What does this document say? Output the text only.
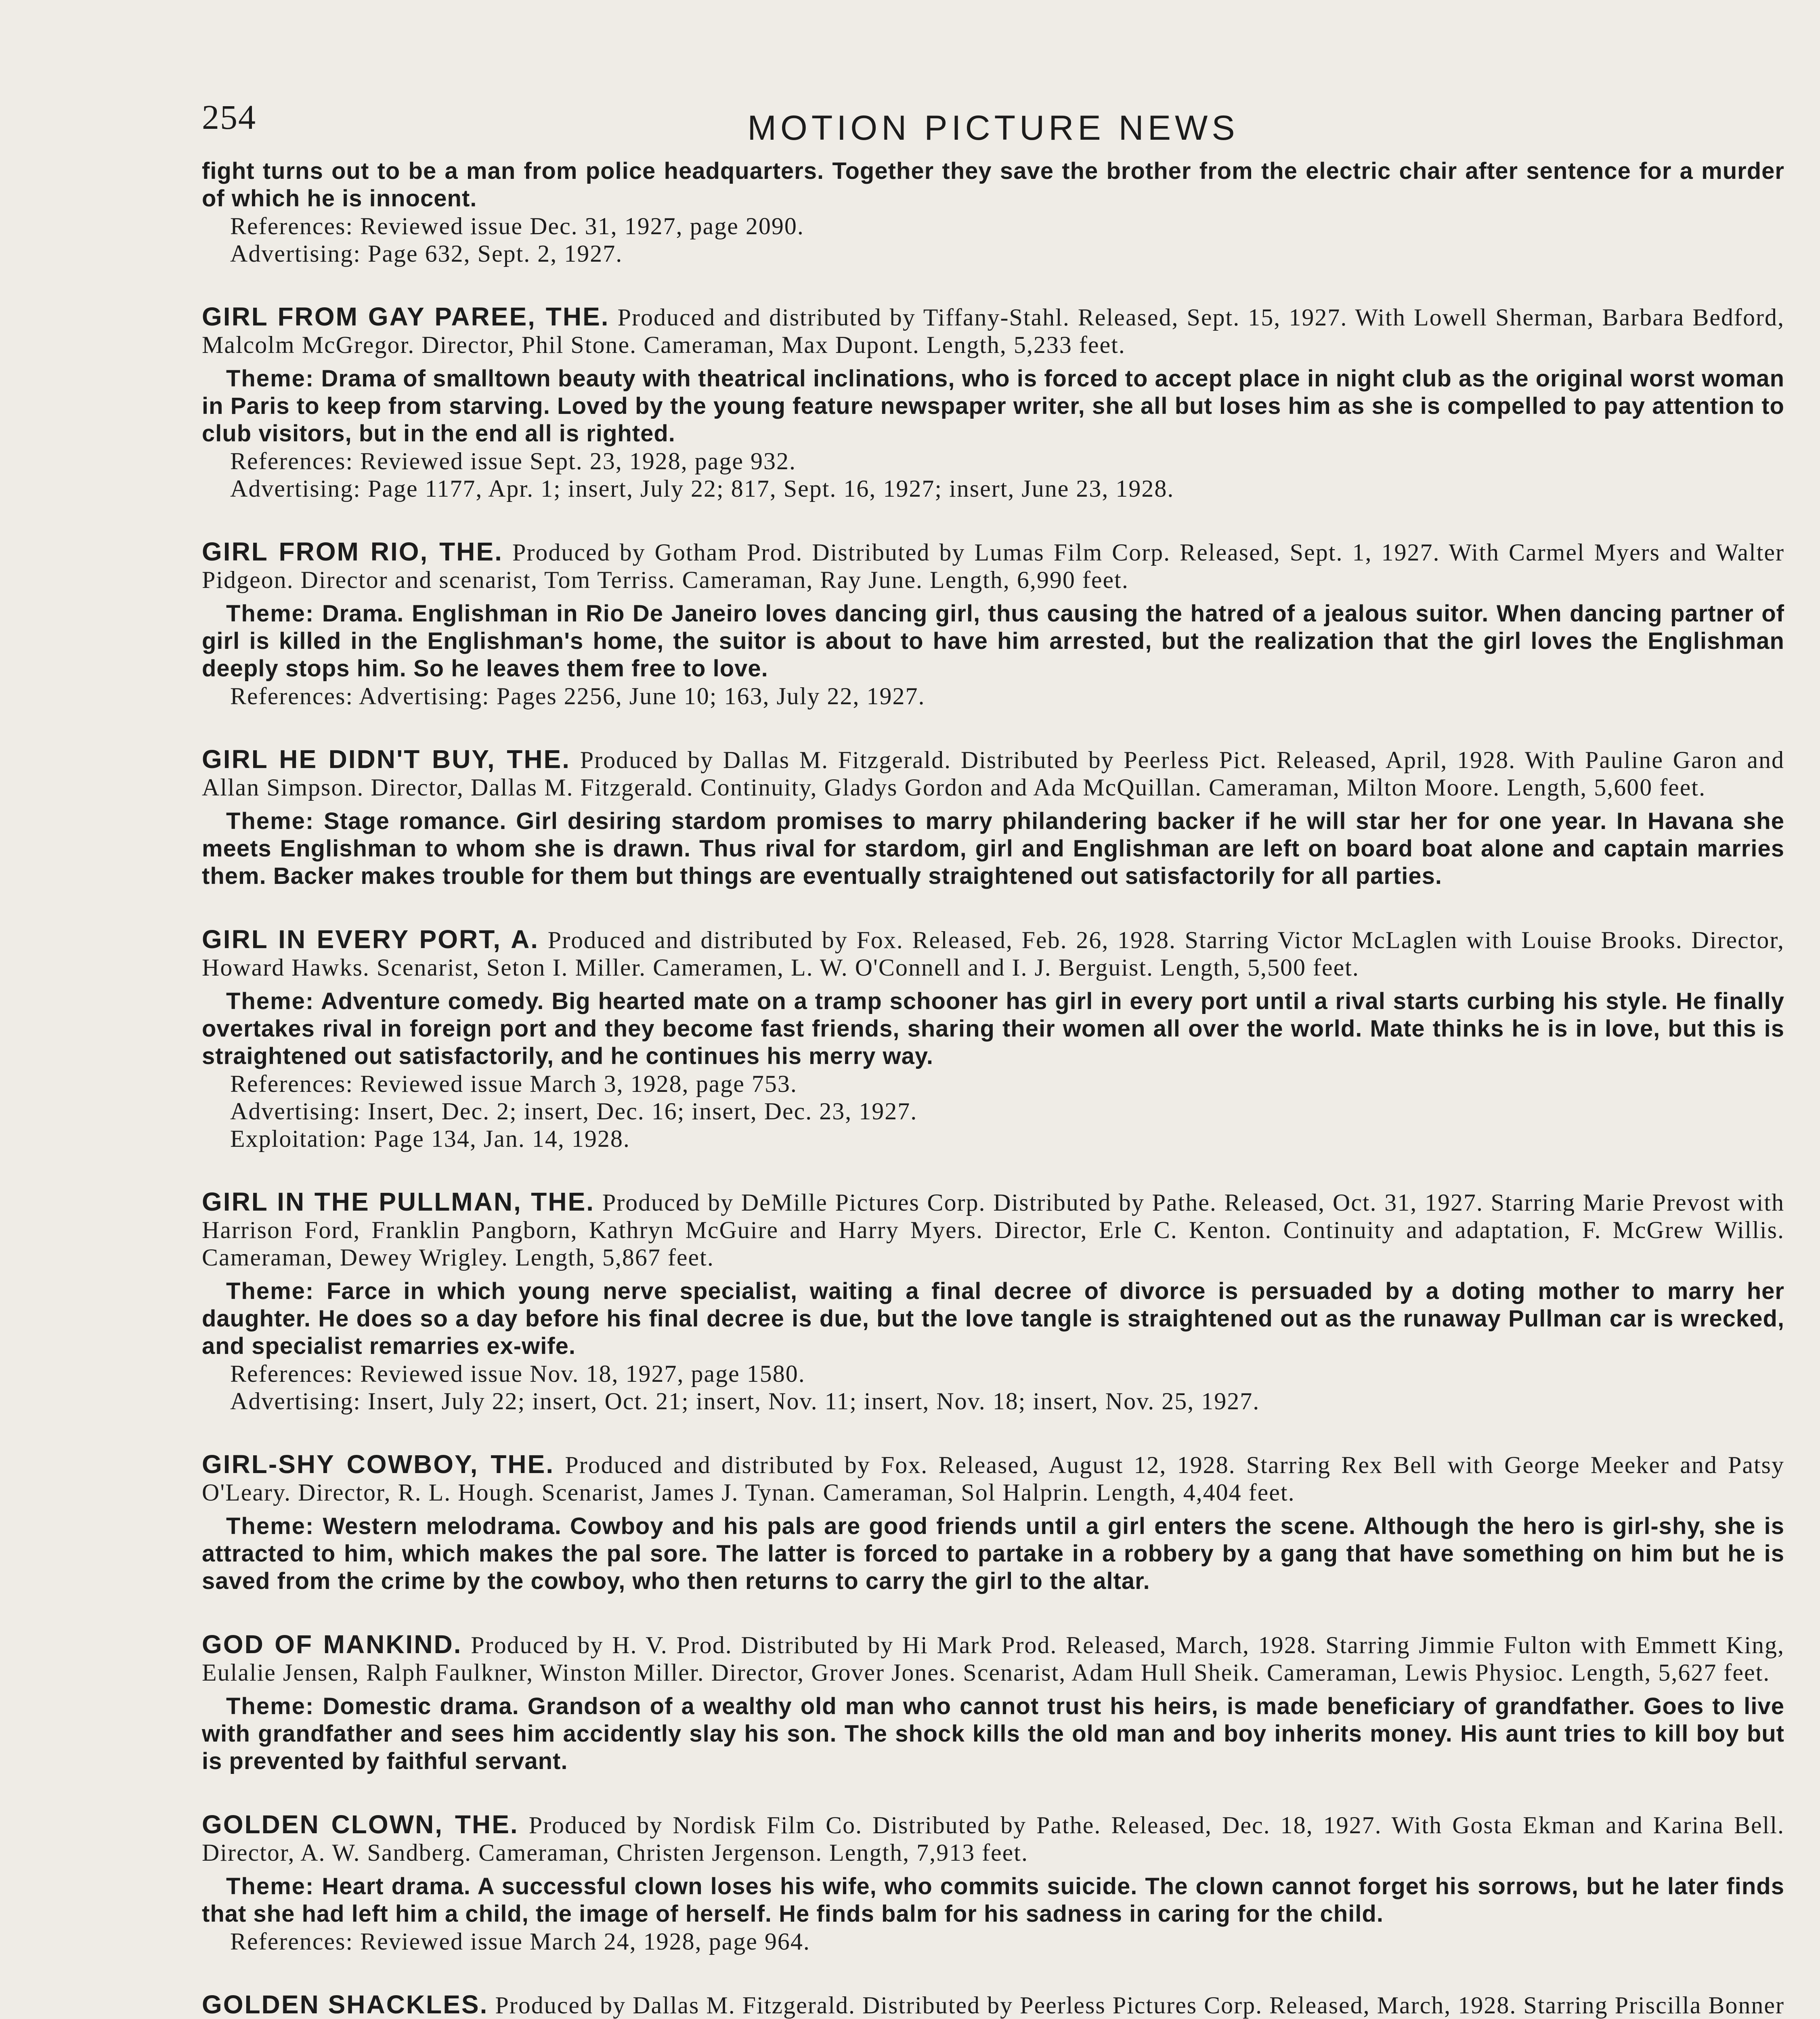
254	MOTION PICTURE NEWS
fight turns out to be a man from police headquarters. Together they save the brother from the electric chair after sentence for a murder of which he is innocent.
References: Reviewed issue Dec. 31, 1927, page 2090.
Advertising: Page 632, Sept. 2, 1927.
GIRL FROM GAY PAREE, THE. Produced and distributed by Tiffany-Stahl. Released, Sept. 15, 1927. With Lowell Sherman, Barbara Bedford, Malcolm McGregor. Director, Phil Stone. Cameraman, Max Dupont. Length, 5,233 feet.
Theme: Drama of smalltown beauty with theatrical inclinations, who is forced to accept place in night club as the original worst woman in Paris to keep from starving. Loved by the young feature newspaper writer, she all but loses him as she is compelled to pay attention to club visitors, but in the end all is righted.
References: Reviewed issue Sept. 23, 1928, page 932.
Advertising: Page 1177, Apr. 1; insert, July 22; 817, Sept. 16, 1927; insert, June 23, 1928.
GIRL FROM RIO, THE. Produced by Gotham Prod. Distributed by Lumas Film Corp. Released, Sept. 1, 1927. With Carmel Myers and Walter Pidgeon. Director and scenarist, Tom Terriss. Cameraman, Ray June. Length, 6,990 feet.
Theme: Drama. Englishman in Rio De Janeiro loves dancing girl, thus causing the hatred of a jealous suitor. When dancing partner of girl is killed in the Englishman's home, the suitor is about to have him arrested, but the realization that the girl loves the Englishman deeply stops him. So he leaves them free to love.
References: Advertising: Pages 2256, June 10; 163, July 22, 1927.
GIRL HE DIDN'T BUY, THE. Produced by Dallas M. Fitzgerald. Distributed by Peerless Pict. Released, April, 1928. With Pauline Garon and Allan Simpson. Director, Dallas M. Fitzgerald. Continuity, Gladys Gordon and Ada McQuillan. Cameraman, Milton Moore. Length, 5,600 feet.
Theme: Stage romance. Girl desiring stardom promises to marry philandering backer if he will star her for one year. In Havana she meets Englishman to whom she is drawn. Thus rival for stardom, girl and Englishman are left on board boat alone and captain marries them. Backer makes trouble for them but things are eventually straightened out satisfactorily for all parties.
GIRL IN EVERY PORT, A. Produced and distributed by Fox. Released, Feb. 26, 1928. Starring Victor McLaglen with Louise Brooks. Director, Howard Hawks. Scenarist, Seton I. Miller. Cameramen, L. W. O'Connell and I. J. Berguist. Length, 5,500 feet.
Theme: Adventure comedy. Big hearted mate on a tramp schooner has girl in every port until a rival starts curbing his style. He finally overtakes rival in foreign port and they become fast friends, sharing their women all over the world. Mate thinks he is in love, but this is straightened out satisfactorily, and he continues his merry way.
References: Reviewed issue March 3, 1928, page 753.
Advertising: Insert, Dec. 2; insert, Dec. 16; insert, Dec. 23, 1927.
Exploitation: Page 134, Jan. 14, 1928.
GIRL IN THE PULLMAN, THE. Produced by DeMille Pictures Corp. Distributed by Pathe. Released, Oct. 31, 1927. Starring Marie Prevost with Harrison Ford, Franklin Pangborn, Kathryn McGuire and Harry Myers. Director, Erle C. Kenton. Continuity and adaptation, F. McGrew Willis. Cameraman, Dewey Wrigley. Length, 5,867 feet.
Theme: Farce in which young nerve specialist, waiting a final decree of divorce is persuaded by a doting mother to marry her daughter. He does so a day before his final decree is due, but the love tangle is straightened out as the runaway Pullman car is wrecked, and specialist remarries ex-wife.
References: Reviewed issue Nov. 18, 1927, page 1580.
Advertising: Insert, July 22; insert, Oct. 21; insert, Nov. 11; insert, Nov. 18; insert, Nov. 25, 1927.
GIRL-SHY COWBOY, THE. Produced and distributed by Fox. Released, August 12, 1928. Starring Rex Bell with George Meeker and Patsy O'Leary. Director, R. L. Hough. Scenarist, James J. Tynan. Cameraman, Sol Halprin. Length, 4,404 feet.
Theme: Western melodrama. Cowboy and his pals are good friends until a girl enters the scene. Although the hero is girl-shy, she is attracted to him, which makes the pal sore. The latter is forced to partake in a robbery by a gang that have something on him but he is saved from the crime by the cowboy, who then returns to carry the girl to the altar.
GOD OF MANKIND. Produced by H. V. Prod. Distributed by Hi Mark Prod. Released, March, 1928. Starring Jimmie Fulton with Emmett King, Eulalie Jensen, Ralph Faulkner, Winston Miller. Director, Grover Jones. Scenarist, Adam Hull Sheik. Cameraman, Lewis Physioc. Length, 5,627 feet.
Theme: Domestic drama. Grandson of a wealthy old man who cannot trust his heirs, is made beneficiary of grandfather. Goes to live with grandfather and sees him accidently slay his son. The shock kills the old man and boy inherits money. His aunt tries to kill boy but is prevented by faithful servant.
GOLDEN CLOWN, THE. Produced by Nordisk Film Co. Distributed by Pathe. Released, Dec. 18, 1927. With Gosta Ekman and Karina Bell. Director, A. W. Sandberg. Cameraman, Christen Jergenson. Length, 7,913 feet.
Theme: Heart drama. A successful clown loses his wife, who commits suicide. The clown cannot forget his sorrows, but he later finds that she had left him a child, the image of herself. He finds balm for his sadness in caring for the child.
References: Reviewed issue March 24, 1928, page 964.
GOLDEN SHACKLES. Produced by Dallas M. Fitzgerald. Distributed by Peerless Pictures Corp. Released, March, 1928. Starring Priscilla Bonner
